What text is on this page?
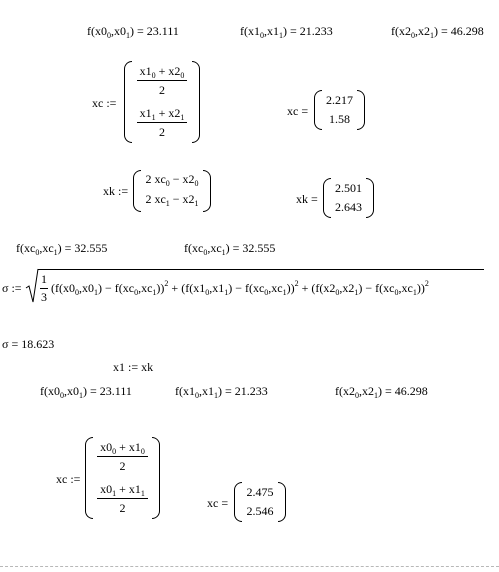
$f(x0_0,x0_1) = 23.111$	$f(x1_0,x1_1) = 21.233$	$f(x2_0,x2_1) = 46.298$
xc :=
$\frac{x1_0 + x2_0}{2}$
$\frac{x1_1 + x2_1}{2}$	xc =
2.217
1.58
xk :=
2 $xc_0 - x2_0$
2 $xc_1 - x2_1$	xk =
2.501
2.643
$f(xc_0,xc_1) = 32.555$	$f(xc_0,xc_1) = 32.555$
σ := $\frac{1}{3} (f(x0_0,x0_1) - f(xc_0,xc_1))^2 + (f(x1_0,x1_1) - f(xc_0,xc_1))^2 + (f(x2_0,x2_1) - f(xc_0,xc_1))^2$
σ = 18.623
x1 := xk
$f(x0_0,x0_1) = 23.111$	$f(x1_0,x1_1) = 21.233$	$f(x2_0,x2_1) = 46.298$
xc :=
$\frac{x0_0 + x1_0}{2}$
$\frac{x0_1 + x1_1}{2}$	xc =
2.475
2.546
